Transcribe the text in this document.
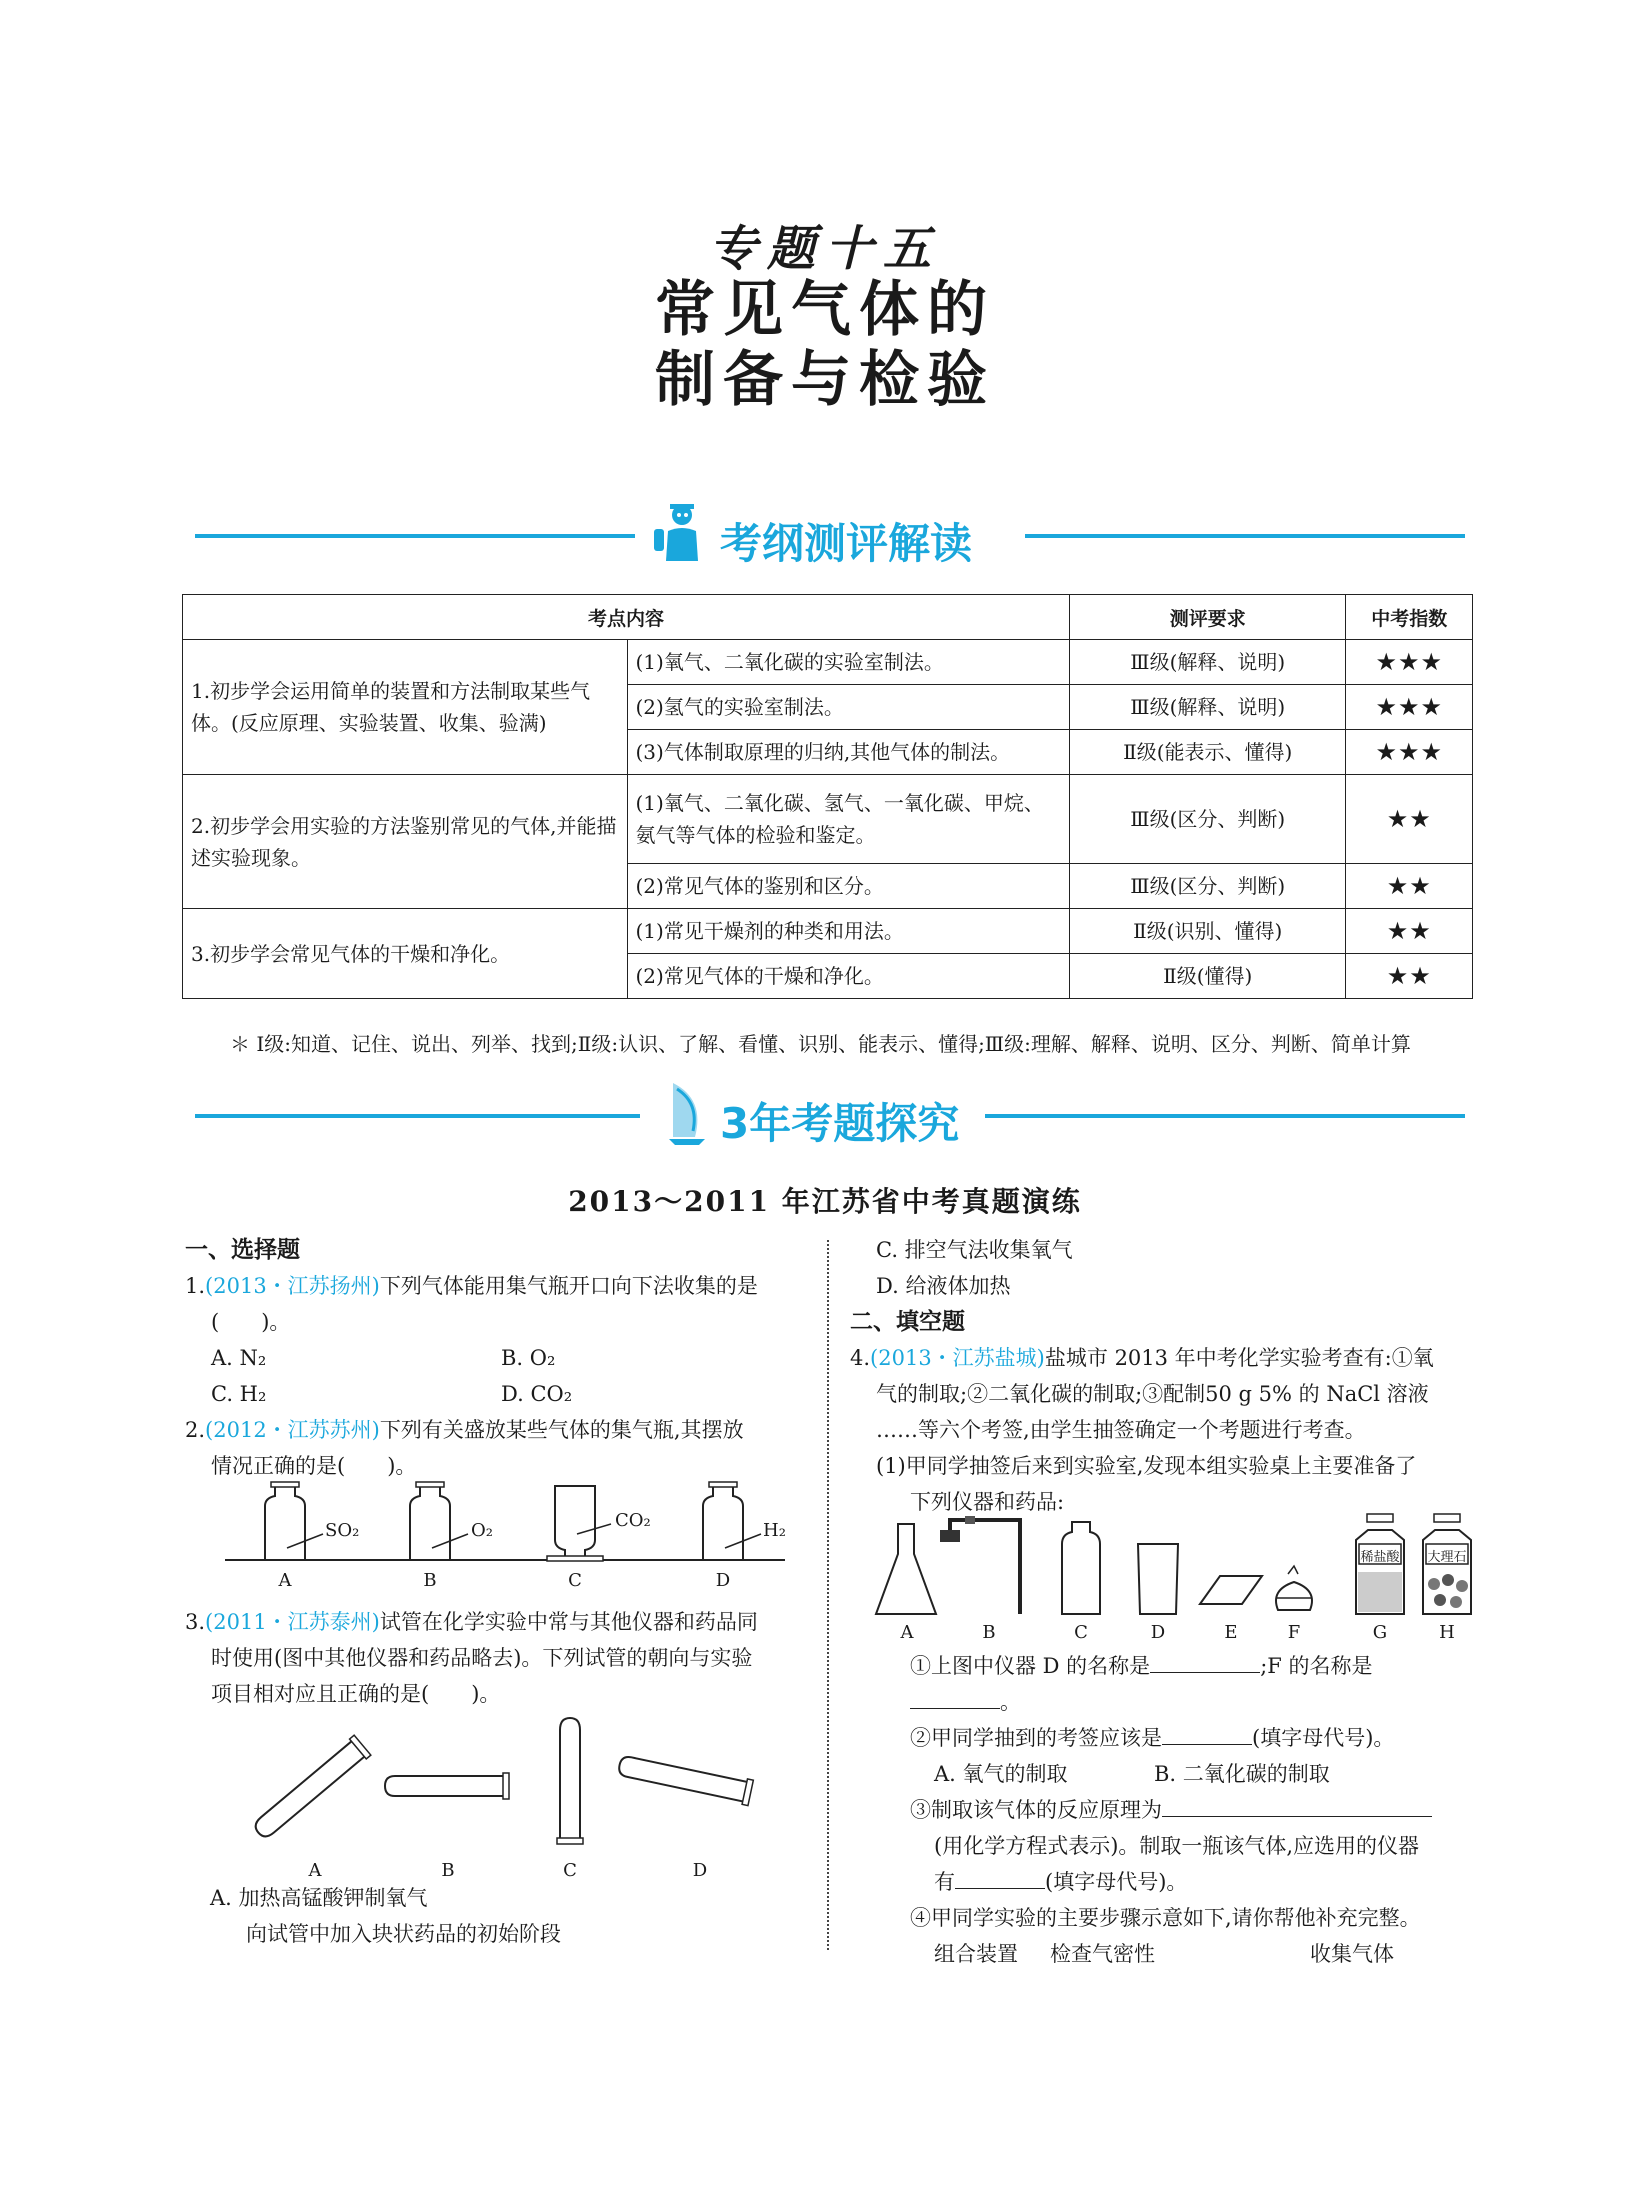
专题十五
常见气体的
制备与检验
考纲测评解读
考点内容		测评要求	中考指数
1.初步学会运用简单的装置和方法制取某些气体。(反应原理、实验装置、收集、验满)	(1)氧气、二氧化碳的实验室制法。	Ⅲ级(解释、说明)	★★★
	(2)氢气的实验室制法。	Ⅲ级(解释、说明)	★★★
	(3)气体制取原理的归纳,其他气体的制法。	Ⅱ级(能表示、懂得)	★★★
2.初步学会用实验的方法鉴别常见的气体,并能描述实验现象。	(1)氧气、二氧化碳、氢气、一氧化碳、甲烷、氨气等气体的检验和鉴定。	Ⅲ级(区分、判断)	★★
	(2)常见气体的鉴别和区分。	Ⅲ级(区分、判断)	★★
3.初步学会常见气体的干燥和净化。	(1)常见干燥剂的种类和用法。	Ⅱ级(识别、懂得)	★★
	(2)常见气体的干燥和净化。	Ⅱ级(懂得)	★★
＊ Ⅰ级:知道、记住、说出、列举、找到;Ⅱ级:认识、了解、看懂、识别、能表示、懂得;Ⅲ级:理解、解释、说明、区分、判断、简单计算
3年考题探究
2013～2011 年江苏省中考真题演练
一、选择题
1.(2013・江苏扬州)下列气体能用集气瓶开口向下法收集的是
(　　)。
A. N₂	B. O₂
C. H₂	D. CO₂
2.(2012・江苏苏州)下列有关盛放某些气体的集气瓶,其摆放
情况正确的是(　　)。
SO₂	O₂	CO₂	H₂
A	B	C	D
3.(2011・江苏泰州)试管在化学实验中常与其他仪器和药品同
时使用(图中其他仪器和药品略去)。下列试管的朝向与实验
项目相对应且正确的是(　　)。
A	B	C	D
A. 加热高锰酸钾制氧气
向试管中加入块状药品的初始阶段
C. 排空气法收集氧气
D. 给液体加热
二、填空题
4.(2013・江苏盐城)盐城市 2013 年中考化学实验考查有:①氧
气的制取;②二氧化碳的制取;③配制50 g 5% 的 NaCl 溶液
……等六个考签,由学生抽签确定一个考题进行考查。
(1)甲同学抽签后来到实验室,发现本组实验桌上主要准备了
下列仪器和药品:
稀盐酸 大理石
A	B	C	D	E	F	G	H
①上图中仪器 D 的名称是	;F 的名称是
。
②甲同学抽到的考签应该是	(填字母代号)。
A. 氧气的制取	B. 二氧化碳的制取
③制取该气体的反应原理为
(用化学方程式表示)。制取一瓶该气体,应选用的仪器
有	(填字母代号)。
④甲同学实验的主要步骤示意如下,请你帮他补充完整。
组合装置 检查气密性	收集气体
